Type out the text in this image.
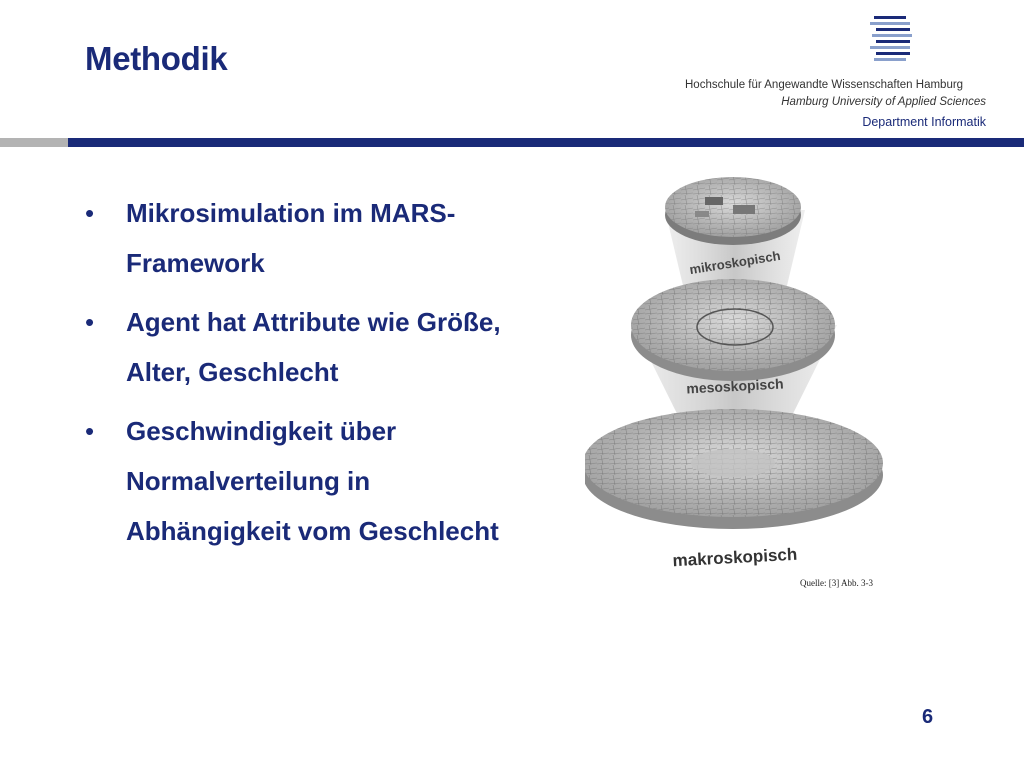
Methodik
Hochschule für Angewandte Wissenschaften Hamburg
Hamburg University of Applied Sciences
Department Informatik
• Mikrosimulation im MARS-
Framework
• Agent hat Attribute wie Größe,
Alter, Geschlecht
• Geschwindigkeit über
Normalverteilung in
Abhängigkeit vom Geschlecht
mikroskopisch
mesoskopisch
makroskopisch
Quelle: [3] Abb. 3-3
6
